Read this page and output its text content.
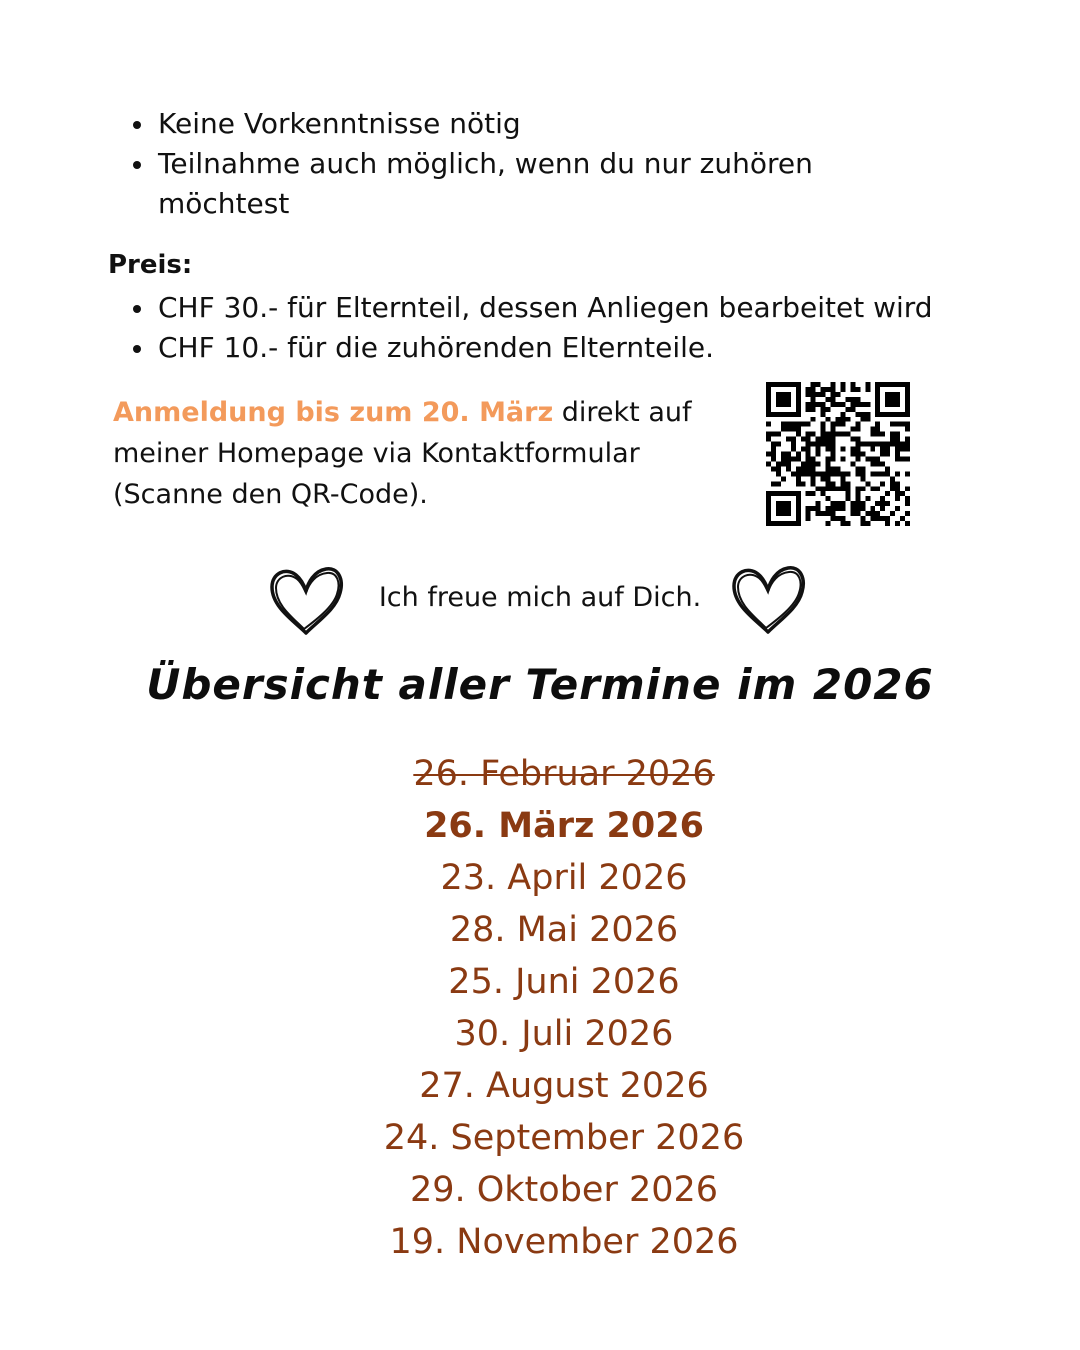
Keine Vorkenntnisse nötig
Teilnahme auch möglich, wenn du nur zuhören möchtest
Preis:
CHF 30.- für Elternteil, dessen Anliegen bearbeitet wird
CHF 10.- für die zuhörenden Elternteile.
Anmeldung bis zum 20. März direkt auf meiner Homepage via Kontaktformular (Scanne den QR-Code).
Ich freue mich auf Dich.
Übersicht aller Termine im 2026
26. Februar 2026
26. März 2026
23. April 2026
28. Mai 2026
25. Juni 2026
30. Juli 2026
27. August 2026
24. September 2026
29. Oktober 2026
19. November 2026
